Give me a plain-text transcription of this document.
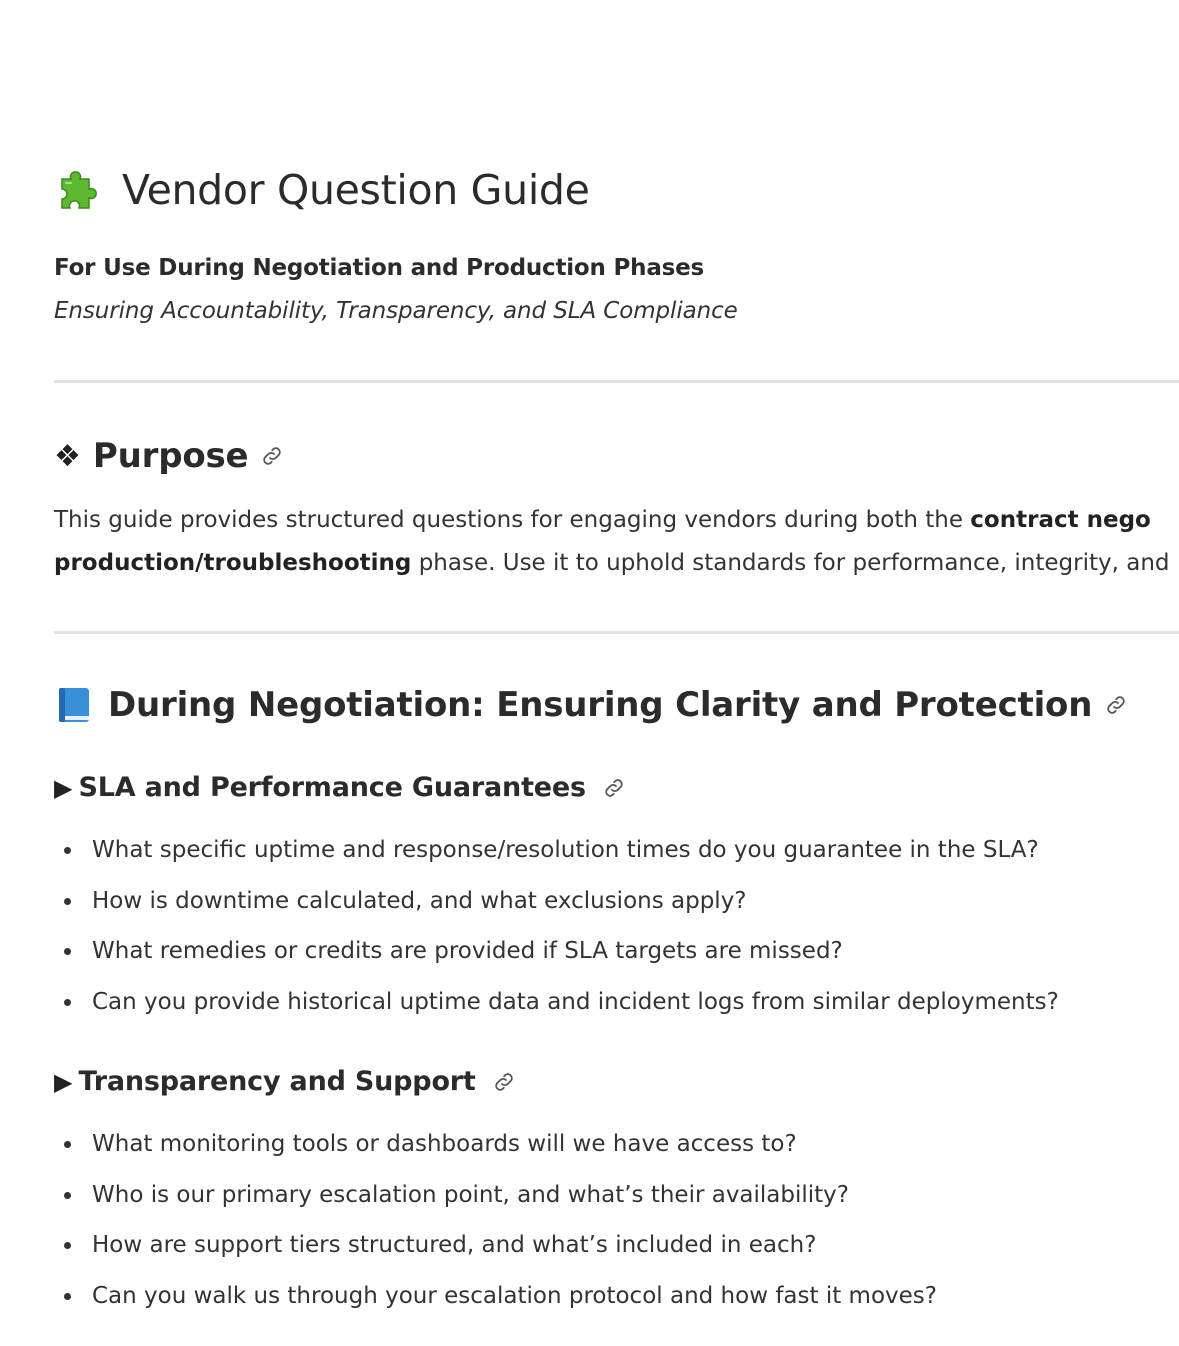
Vendor Question Guide
For Use During Negotiation and Production Phases
Ensuring Accountability, Transparency, and SLA Compliance
❖ Purpose
This guide provides structured questions for engaging vendors during both the contract nego
production/troubleshooting phase. Use it to uphold standards for performance, integrity, and
During Negotiation: Ensuring Clarity and Protection
▶ SLA and Performance Guarantees
What specific uptime and response/resolution times do you guarantee in the SLA?
How is downtime calculated, and what exclusions apply?
What remedies or credits are provided if SLA targets are missed?
Can you provide historical uptime data and incident logs from similar deployments?
▶ Transparency and Support
What monitoring tools or dashboards will we have access to?
Who is our primary escalation point, and what’s their availability?
How are support tiers structured, and what’s included in each?
Can you walk us through your escalation protocol and how fast it moves?
